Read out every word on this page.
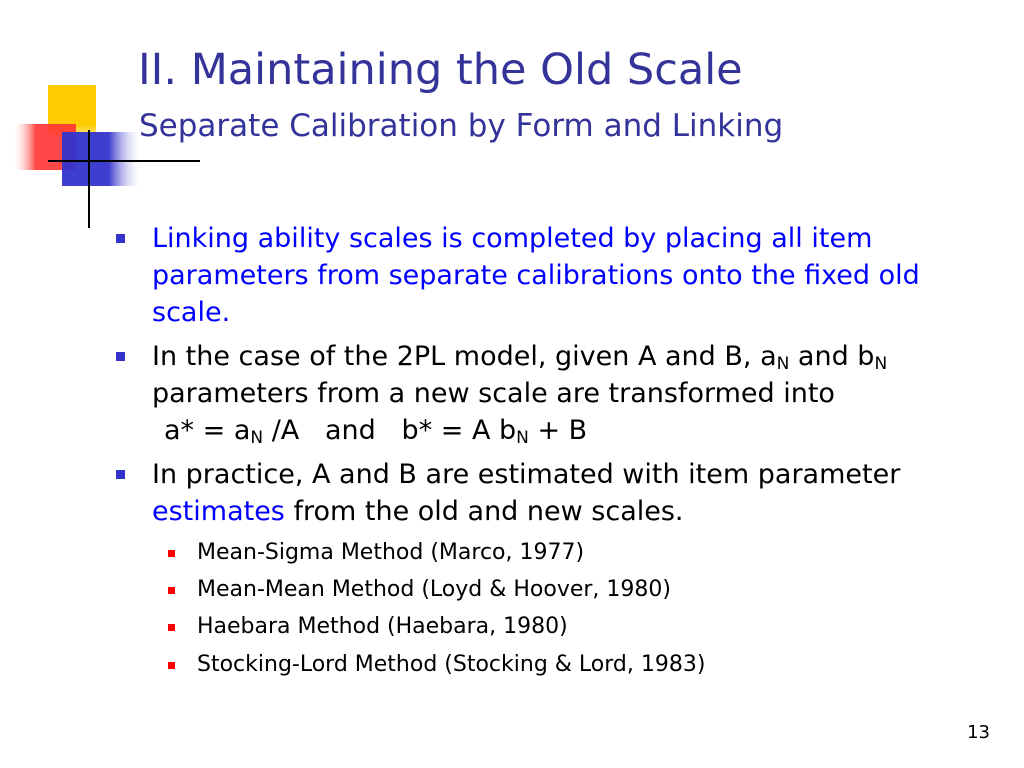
II. Maintaining the Old Scale
Separate Calibration by Form and Linking
Linking ability scales is completed by placing all item parameters from separate calibrations onto the fixed old scale.
In the case of the 2PL model, given A and B, $a_N$ and $b_N$
parameters from a new scale are transformed into
$a* = a_N$ /A   and   b* = A $b_N + B$
In practice, A and B are estimated with item parameter
estimates from the old and new scales.
Mean-Sigma Method (Marco, 1977)
Mean-Mean Method (Loyd & Hoover, 1980)
Haebara Method (Haebara, 1980)
Stocking-Lord Method (Stocking & Lord, 1983)
13
